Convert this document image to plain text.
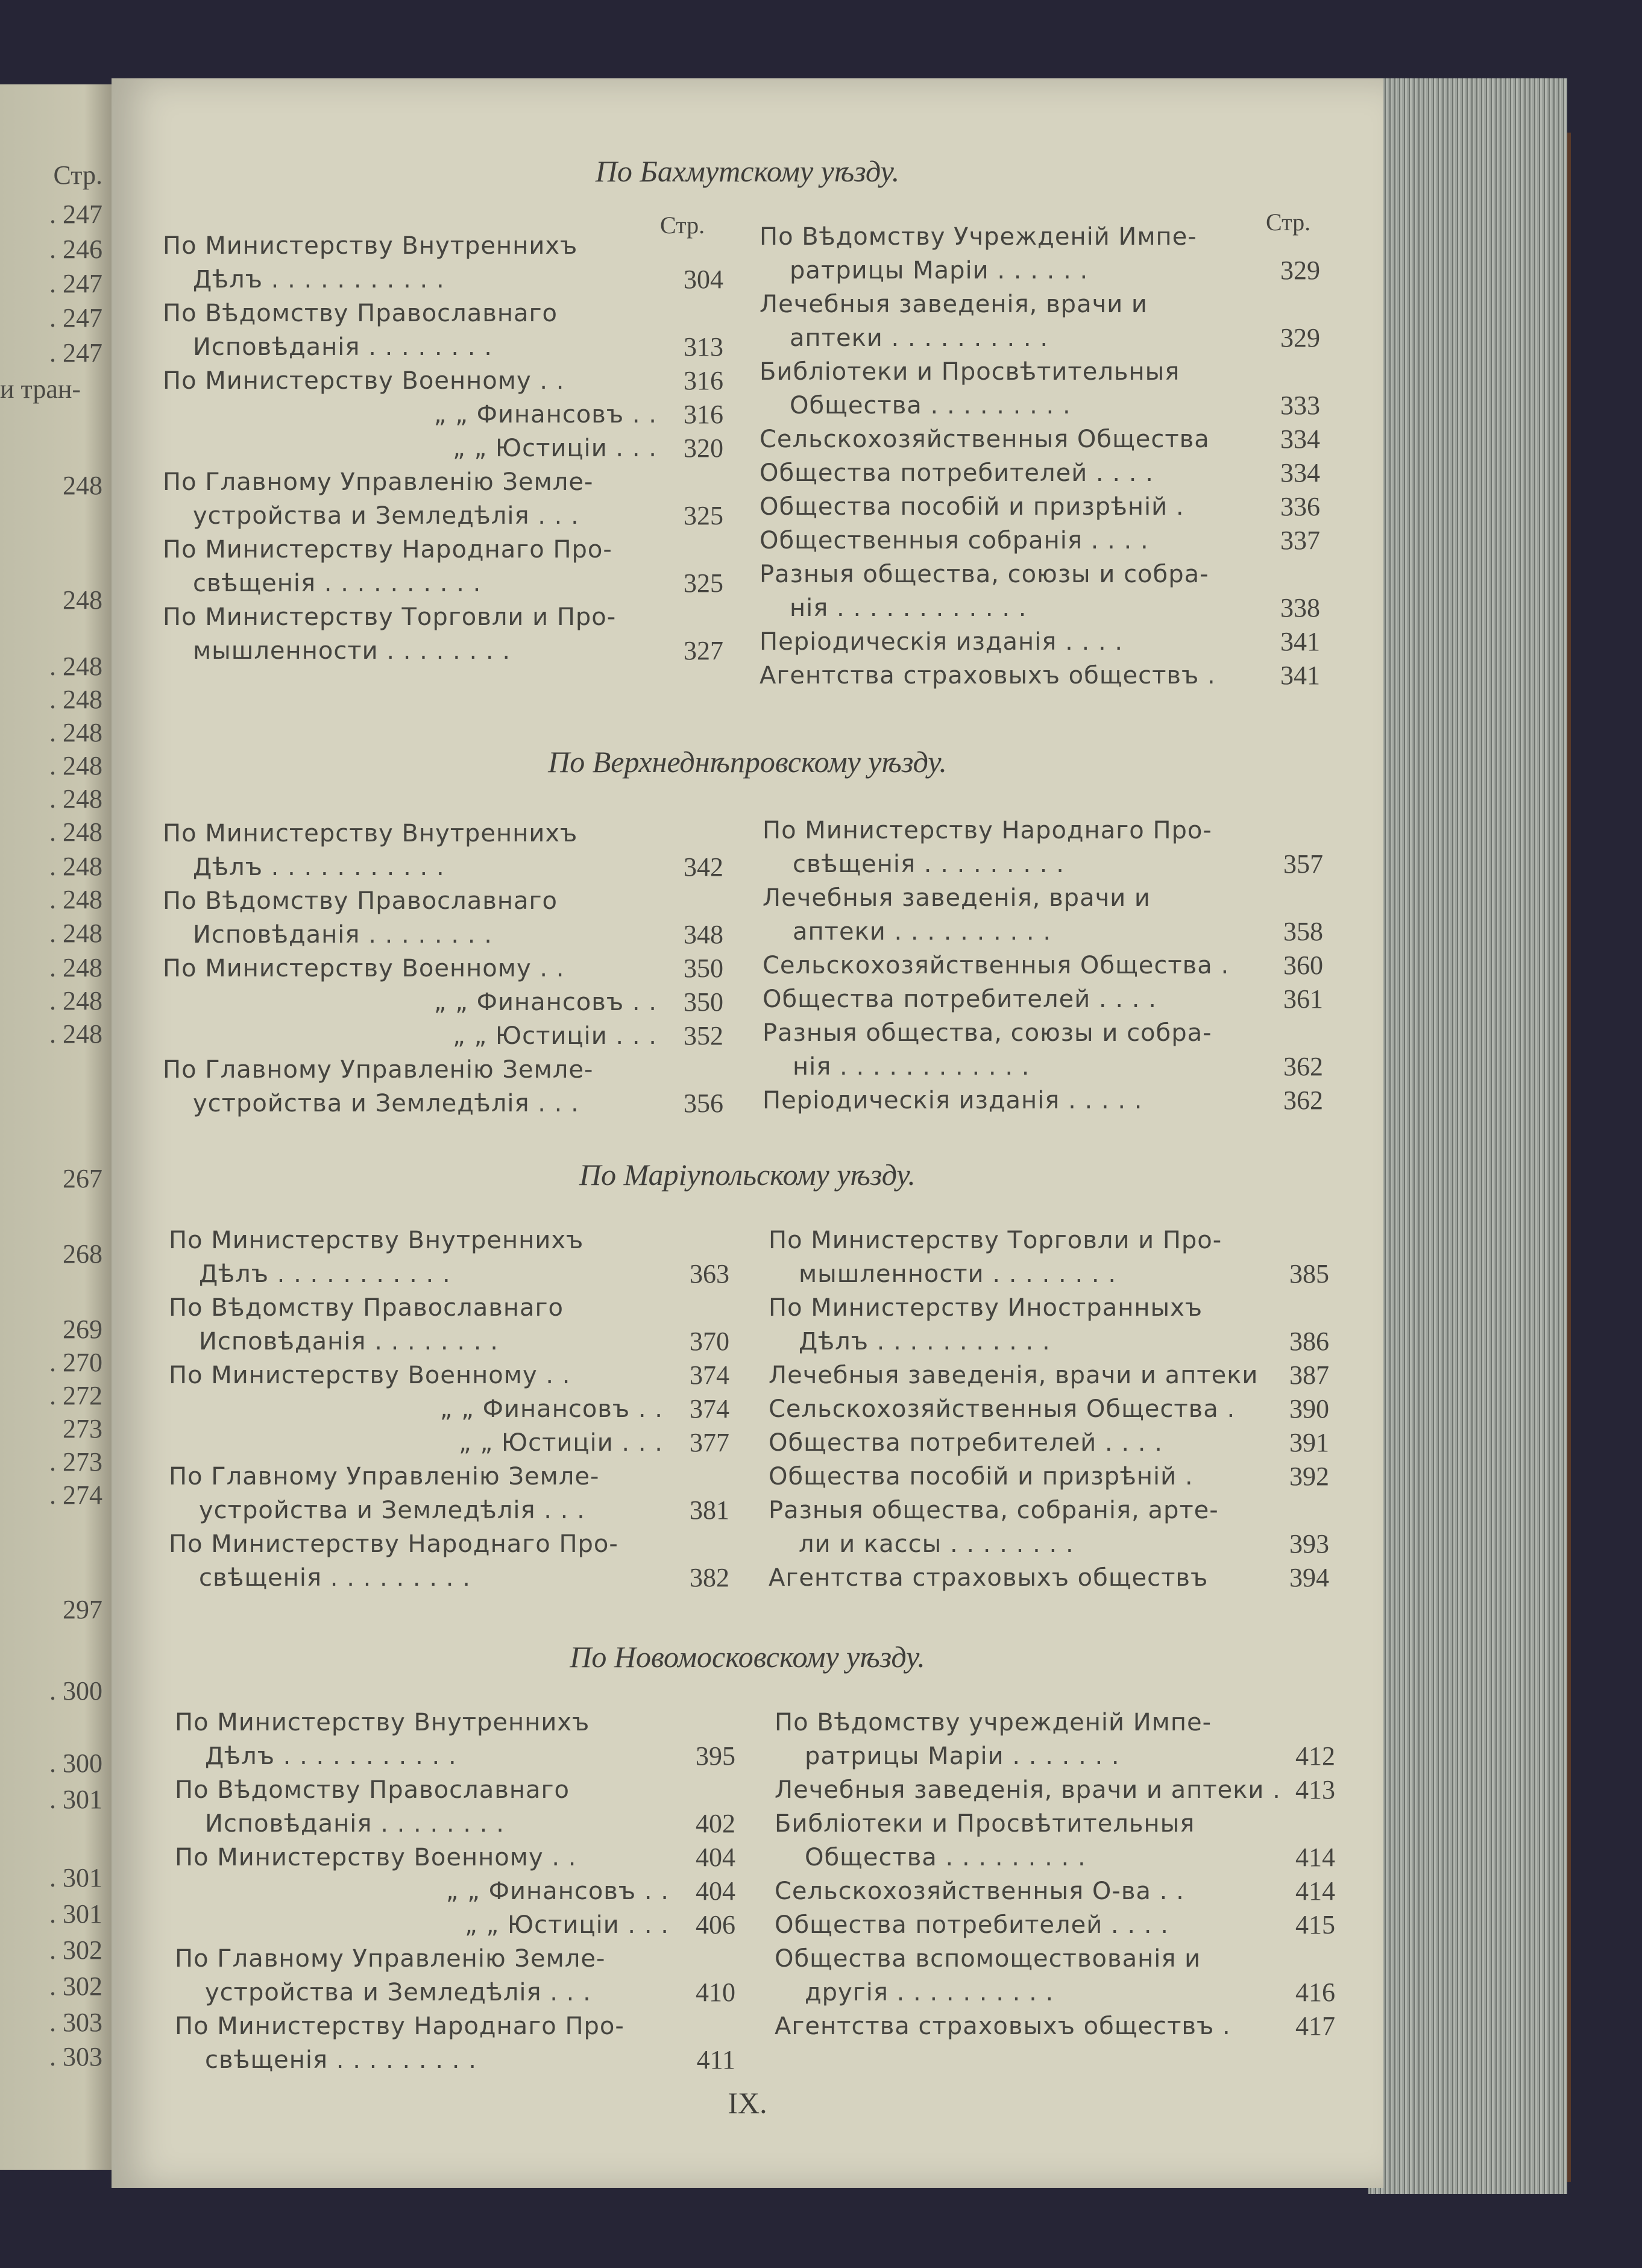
Стр.
. 247
. 246
. 247
. 247
. 247
и тран-
248
248
. 248
. 248
. 248
. 248
. 248
. 248
. 248
. 248
. 248
. 248
. 248
. 248
267
268
269
. 270
. 272
273
. 273
. 274
297
. 300
. 300
. 301
. 301
. 301
. 302
. 302
. 303
. 303
По Бахмутскому уѣзду.
Стр.	Стр.
По Министерству Внутреннихъ
Дѣлъ . . . . . . . . . . .	304
По Вѣдомству Православнаго
Исповѣданія . . . . . . . .	313
По Министерству Военному . .	316
„ „ Финансовъ . .	316
„ „ Юстиціи . . .	320
По Главному Управленію Земле-
устройства и Земледѣлія . . .	325
По Министерству Народнаго Про-
свѣщенія . . . . . . . . . .	325
По Министерству Торговли и Про-
мышленности . . . . . . . .	327
По Вѣдомству Учрежденій Импе-
ратрицы Маріи . . . . . .	329
Лечебныя заведенія, врачи и
аптеки . . . . . . . . . .	329
Библіотеки и Просвѣтительныя
Общества . . . . . . . . .	333
Сельскохозяйственныя Общества	334
Общества потребителей . . . .	334
Общества пособій и призрѣній .	336
Общественныя собранія . . . .	337
Разныя общества, союзы и собра-
нія . . . . . . . . . . . .	338
Періодическія изданія . . . .	341
Агентства страховыхъ обществъ .	341
По Верхнеднѣпровскому уѣзду.
По Министерству Внутреннихъ
Дѣлъ . . . . . . . . . . .	342
По Вѣдомству Православнаго
Исповѣданія . . . . . . . .	348
По Министерству Военному . .	350
„ „ Финансовъ . .	350
„ „ Юстиціи . . .	352
По Главному Управленію Земле-
устройства и Земледѣлія . . .	356
По Министерству Народнаго Про-
свѣщенія . . . . . . . . .	357
Лечебныя заведенія, врачи и
аптеки . . . . . . . . . .	358
Сельскохозяйственныя Общества .	360
Общества потребителей . . . .	361
Разныя общества, союзы и собра-
нія . . . . . . . . . . . .	362
Періодическія изданія . . . . .	362
По Маріупольскому уѣзду.
По Министерству Внутреннихъ
Дѣлъ . . . . . . . . . . .	363
По Вѣдомству Православнаго
Исповѣданія . . . . . . . .	370
По Министерству Военному . .	374
„ „ Финансовъ . .	374
„ „ Юстиціи . . .	377
По Главному Управленію Земле-
устройства и Земледѣлія . . .	381
По Министерству Народнаго Про-
свѣщенія . . . . . . . . .	382
По Министерству Торговли и Про-
мышленности . . . . . . . .	385
По Министерству Иностранныхъ
Дѣлъ . . . . . . . . . . .	386
Лечебныя заведенія, врачи и аптеки	387
Сельскохозяйственныя Общества .	390
Общества потребителей . . . .	391
Общества пособій и призрѣній .	392
Разныя общества, собранія, арте-
ли и кассы . . . . . . . .	393
Агентства страховыхъ обществъ	394
По Новомосковскому уѣзду.
По Министерству Внутреннихъ
Дѣлъ . . . . . . . . . . .	395
По Вѣдомству Православнаго
Исповѣданія . . . . . . . .	402
По Министерству Военному . .	404
„ „ Финансовъ . .	404
„ „ Юстиціи . . .	406
По Главному Управленію Земле-
устройства и Земледѣлія . . .	410
По Министерству Народнаго Про-
свѣщенія . . . . . . . . .	411
По Вѣдомству учрежденій Импе-
ратрицы Маріи . . . . . . .	412
Лечебныя заведенія, врачи и аптеки . 413
Библіотеки и Просвѣтительныя
Общества . . . . . . . . .	414
Сельскохозяйственныя О-ва . .	414
Общества потребителей . . . .	415
Общества вспомоществованія и
другія . . . . . . . . . .	416
Агентства страховыхъ обществъ .	417
IX.
